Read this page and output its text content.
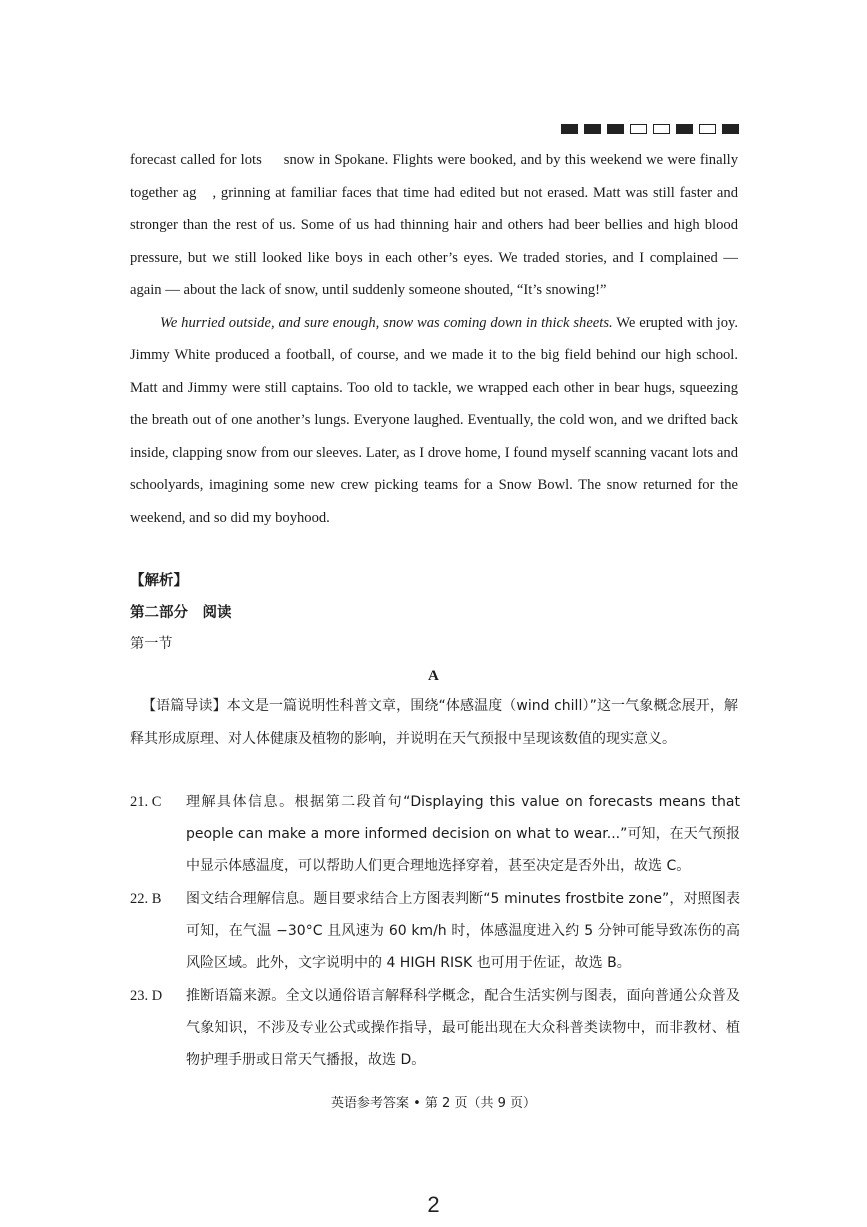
forecast called for lots snow in Spokane. Flights were booked, and by this weekend we were finally together ag , grinning at familiar faces that time had edited but not erased. Matt was still faster and stronger than the rest of us. Some of us had thinning hair and others had beer bellies and high blood pressure, but we still looked like boys in each other’s eyes. We traded stories, and I complained — again — about the lack of snow, until suddenly someone shouted, “It’s snowing!”

We hurried outside, and sure enough, snow was coming down in thick sheets. We erupted with joy. Jimmy White produced a football, of course, and we made it to the big field behind our high school. Matt and Jimmy were still captains. Too old to tackle, we wrapped each other in bear hugs, squeezing the breath out of one another’s lungs. Everyone laughed. Eventually, the cold won, and we drifted back inside, clapping snow from our sleeves. Later, as I drove home, I found myself scanning vacant lots and schoolyards, imagining some new crew picking teams for a Snow Bowl. The snow returned for the weekend, and so did my boyhood.

【解析】
第二部分　阅读
第一节
A
【语篇导读】本文是一篇说明性科普文章，围绕“体感温度（wind chill）”这一气象概念展开，解释其形成原理、对人体健康及植物的影响，并说明在天气预报中呈现该数值的现实意义。
21. C	理解具体信息。根据第二段首句“Displaying this value on forecasts means that people can make a more informed decision on what to wear...”可知，在天气预报中显示体感温度，可以帮助人们更合理地选择穿着，甚至决定是否外出，故选 C。
22. B	图文结合理解信息。题目要求结合上方图表判断“5 minutes frostbite zone”，对照图表可知，在气温 −30°C 且风速为 60 km/h 时，体感温度进入约 5 分钟可能导致冻伤的高风险区域。此外，文字说明中的 4 HIGH RISK 也可用于佐证，故选 B。
23. D	推断语篇来源。全文以通俗语言解释科学概念，配合生活实例与图表，面向普通公众普及气象知识，不涉及专业公式或操作指导，最可能出现在大众科普类读物中，而非教材、植物护理手册或日常天气播报，故选 D。
英语参考答案 • 第 2 页（共 9 页）
2
